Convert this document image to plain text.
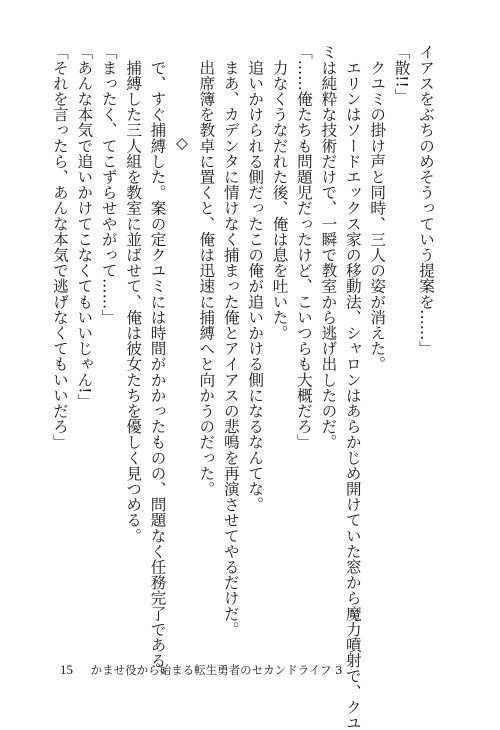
イアスをぶちのめそうっていう提案を……」
「散!!」
　クユミの掛け声と同時、三人の姿が消えた。
　エリンはソードエックス家の移動法、シャロンはあらかじめ開けていた窓から魔力噴射で、クユ
ミは純粋な技術だけで、一瞬で教室から逃げ出したのだ。
「……俺たちも問題児だったけど、こいつらも大概だろ」
　力なくうなだれた後、俺は息を吐いた。
　追いかけられる側だったこの俺が追いかける側になるなんてな。
　まあ、カデンタに情けなく捕まった俺とアイアスの悲鳴を再演させてやるだけだ。
　出席簿を教卓に置くと、俺は迅速に捕縛へと向かうのだった。
◇
　で、すぐ捕縛した。案の定クユミには時間がかかったものの、問題なく任務完了である。
　捕縛した三人組を教室に並ばせて、俺は彼女たちを優しく見つめる。
「まったく、てこずらせやがって……」
「あんな本気で追いかけてこなくてもいいじゃん!」
「それを言ったら、あんな本気で逃げなくてもいいだろ」
15 かませ役から始まる転生勇者のセカンドライフ 3
